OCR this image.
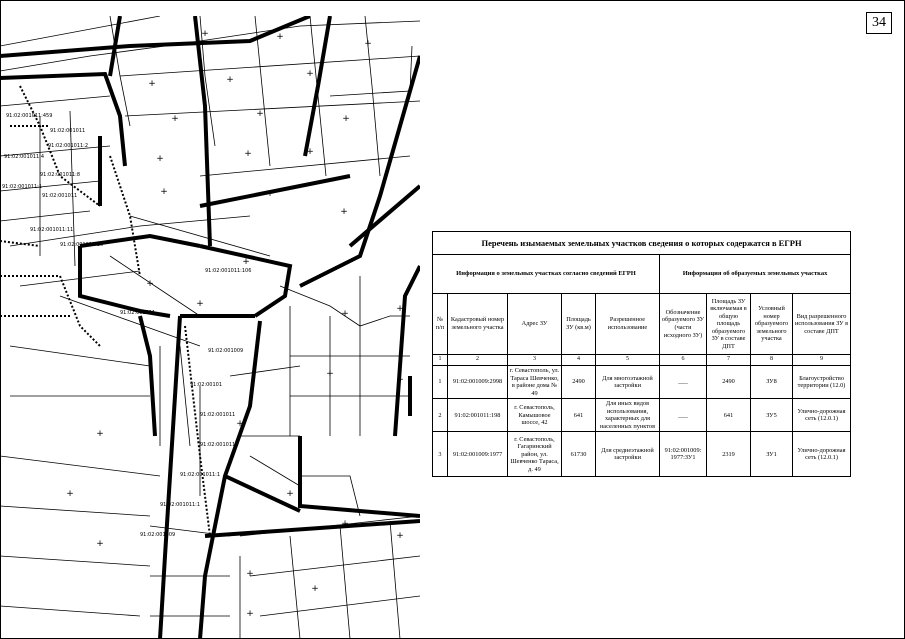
34
+	+
+
+	+
+
+	+	+
+	+	+
+	+
+
+
+	+
+
+
+
+
+
+
+
+
+
+
+
+
+
+
91:02:001011:459
91:02:001011
91:02:001011:2
91:02:001011:4
91:02:001011:8
91:02:001011:1
91:02:001011
91:02:001011:11
91:02:001011:10
91:02:001011:106
91:02:001011
91:02:001009
91:02:00101
91:02:001011
91:02:001011
91:02:001011:1
91:02:001011:1
91:02:001009
Перечень изымаемых земельных участков сведения о которых содержатся в ЕГРН								
Информация о земельных участках согласно сведений ЕГРН					Информация об образуемых земельных участках			
№ п/п	Кадастровый номер земельного участка	Адрес ЗУ	Площадь ЗУ (кв.м)	Разрешенное использование	Обозначение образуемого ЗУ (части исходного ЗУ)	Площадь ЗУ включаемая в общую площадь образуемого ЗУ в составе ДПТ	Условный номер образуемого земельного участка	Вид разрешенного использования ЗУ в составе ДПТ
1	2	3	4	5	6	7	8	9
1	91:02:001009:2998	г. Севастополь, ул. Тараса Шевченко, в районе дома № 49	2490	Для многоэтажной застройки	___	2490	ЗУ8	Благоустройство территории (12.0)
2	91:02:001011:198	г. Севастополь, Камышовое шоссе, 42	641	Для иных видов использования, характерных для населенных пунктов	___	641	ЗУ5	Улично-дорожная сеть (12.0.1)
3	91:02:001009:1977	г. Севастополь, Гагаринский район, ул. Шевченко Тараса, д. 49	61730	Для среднеэтажной застройки	91:02:001009: 1977:ЗУ1	2319	ЗУ1	Улично-дорожная сеть (12.0.1)
